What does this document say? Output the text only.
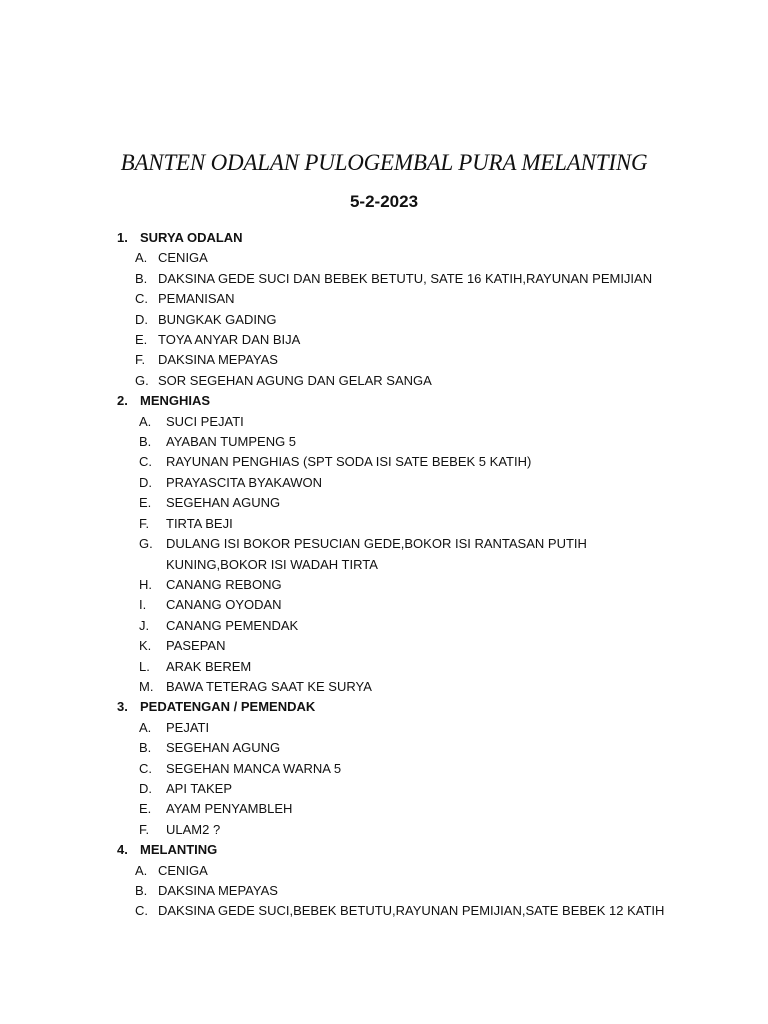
BANTEN ODALAN PULOGEMBAL PURA MELANTING
5-2-2023
1. SURYA ODALAN
A. CENIGA
B. DAKSINA GEDE SUCI DAN BEBEK BETUTU, SATE 16 KATIH,RAYUNAN PEMIJIAN
C. PEMANISAN
D. BUNGKAK GADING
E. TOYA ANYAR DAN BIJA
F. DAKSINA MEPAYAS
G. SOR SEGEHAN AGUNG DAN GELAR SANGA
2. MENGHIAS
A.	SUCI PEJATI
B.	AYABAN TUMPENG 5
C.	RAYUNAN PENGHIAS (SPT SODA ISI SATE BEBEK 5 KATIH)
D.	PRAYASCITA BYAKAWON
E.	SEGEHAN AGUNG
F.	TIRTA BEJI
G.	DULANG ISI BOKOR PESUCIAN GEDE,BOKOR ISI RANTASAN PUTIH KUNING,BOKOR ISI WADAH TIRTA
H.	CANANG REBONG
I.	CANANG OYODAN
J.	CANANG PEMENDAK
K.	PASEPAN
L.	ARAK BEREM
M. BAWA TETERAG SAAT KE SURYA
3. PEDATENGAN / PEMENDAK
A.	PEJATI
B.	SEGEHAN AGUNG
C.	SEGEHAN MANCA WARNA 5
D.	API TAKEP
E.	AYAM PENYAMBLEH
F.	ULAM2 ?
4. MELANTING
A. CENIGA
B. DAKSINA MEPAYAS
C. DAKSINA GEDE SUCI,BEBEK BETUTU,RAYUNAN PEMIJIAN,SATE BEBEK 12 KATIH
